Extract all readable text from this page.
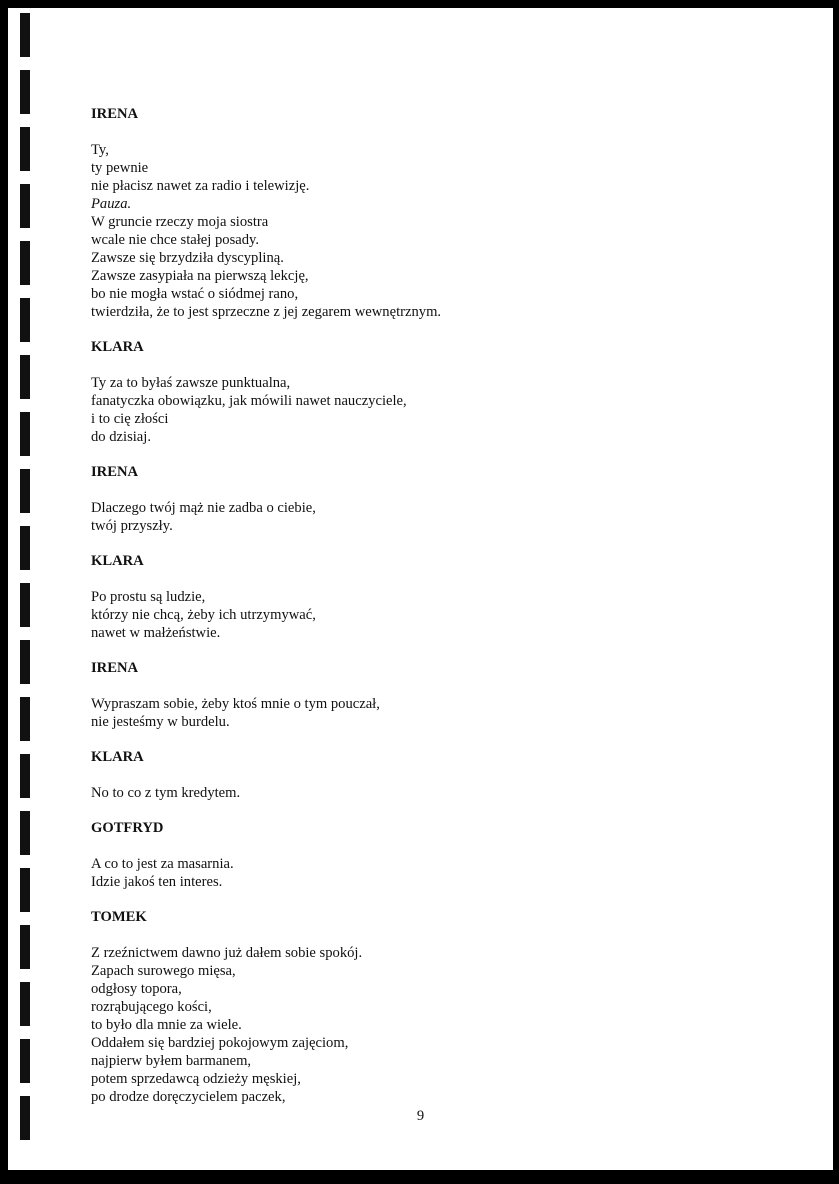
IRENA
Ty,
ty pewnie
nie płacisz nawet za radio i telewizję.
Pauza.
W gruncie rzeczy moja siostra
wcale nie chce stałej posady.
Zawsze się brzydziła dyscypliną.
Zawsze zasypiała na pierwszą lekcję,
bo nie mogła wstać o siódmej rano,
twierdziła, że to jest sprzeczne z jej zegarem wewnętrznym.
KLARA
Ty za to byłaś zawsze punktualna,
fanatyczka obowiązku, jak mówili nawet nauczyciele,
i to cię złości
do dzisiaj.
IRENA
Dlaczego twój mąż nie zadba o ciebie,
twój przyszły.
KLARA
Po prostu są ludzie,
którzy nie chcą, żeby ich utrzymywać,
nawet w małżeństwie.
IRENA
Wypraszam sobie, żeby ktoś mnie o tym pouczał,
nie jesteśmy w burdelu.
KLARA
No to co z tym kredytem.
GOTFRYD
A co to jest za masarnia.
Idzie jakoś ten interes.
TOMEK
Z rzeźnictwem dawno już dałem sobie spokój.
Zapach surowego mięsa,
odgłosy topora,
rozrąbującego kości,
to było dla mnie za wiele.
Oddałem się bardziej pokojowym zajęciom,
najpierw byłem barmanem,
potem sprzedawcą odzieży męskiej,
po drodze doręczycielem paczek,
9
